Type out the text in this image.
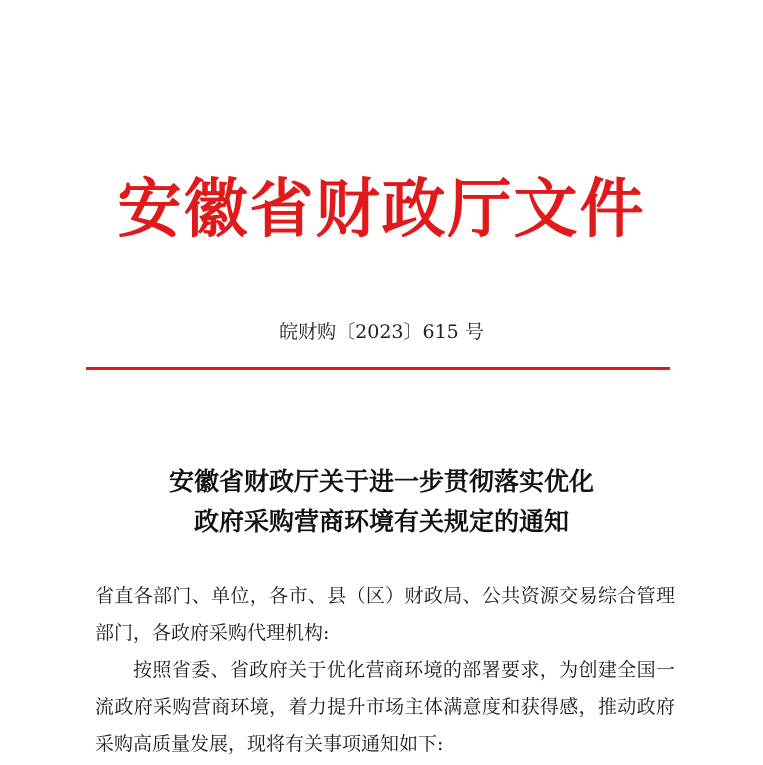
安徽省财政厅文件
皖财购〔2023〕615 号
安徽省财政厅关于进一步贯彻落实优化
政府采购营商环境有关规定的通知

省直各部门、单位，各市、县（区）财政局、公共资源交易综合管理部门，各政府采购代理机构:

按照省委、省政府关于优化营商环境的部署要求，为创建全国一流政府采购营商环境，着力提升市场主体满意度和获得感，推动政府采购高质量发展，现将有关事项通知如下:
